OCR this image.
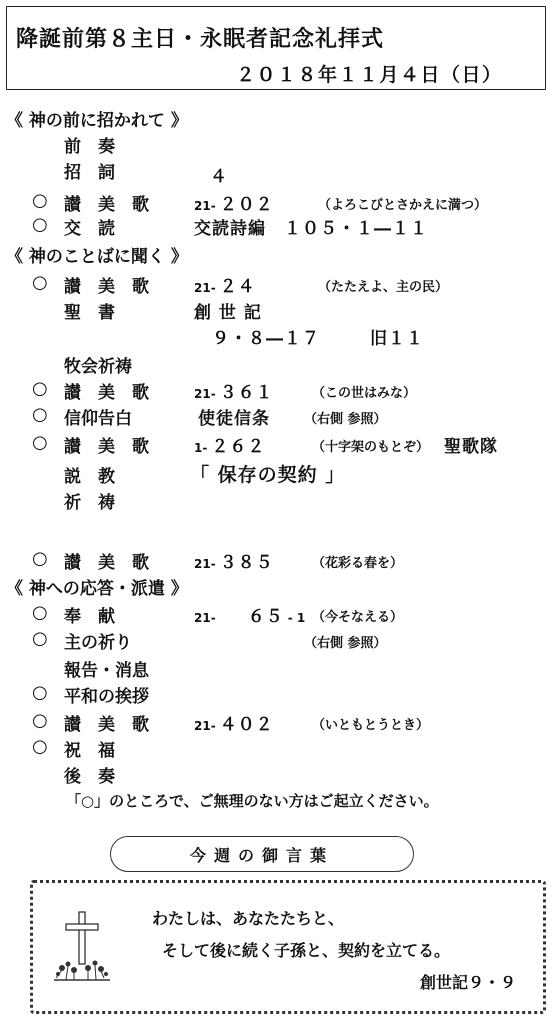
降誕前第８主日・永眠者記念礼拝式
２０１８年１１月４日（日）
《 神の前に招かれて 》
前　奏
招　詞	４
○ 讃　美　歌	21- ２０２	（よろこびとさかえに満つ）
○ 交　読	交読詩編　１０５・１―１１
《 神のことばに聞く 》
○ 讃　美　歌	21- ２４	（たたえよ、主の民）
聖　書	創 世 記
９・８―１７	旧１１
牧会祈祷
○ 讃　美　歌	21- ３６１	（この世はみな）
○ 信仰告白	使徒信条	（右側 参照）
○ 讃　美　歌	1- ２６２	（十字架のもとぞ） 聖歌隊
説　教	「 保存の契約 」
祈　祷
○ 讃　美　歌	21- ３８５	（花彩る春を）
《 神への応答・派遣 》
○ 奉　献	21- ６５ - 1 （今そなえる）
○ 主の祈り	（右側 参照）
報告・消息
○ 平和の挨拶
○ 讃　美　歌	21- ４０２	（いともとうとき）
○ 祝　福
後　奏
「○」のところで、ご無理のない方はご起立ください。
今週の御言葉
わたしは、あなたたちと、
そして後に続く子孫と、契約を立てる。
創世記９・９
